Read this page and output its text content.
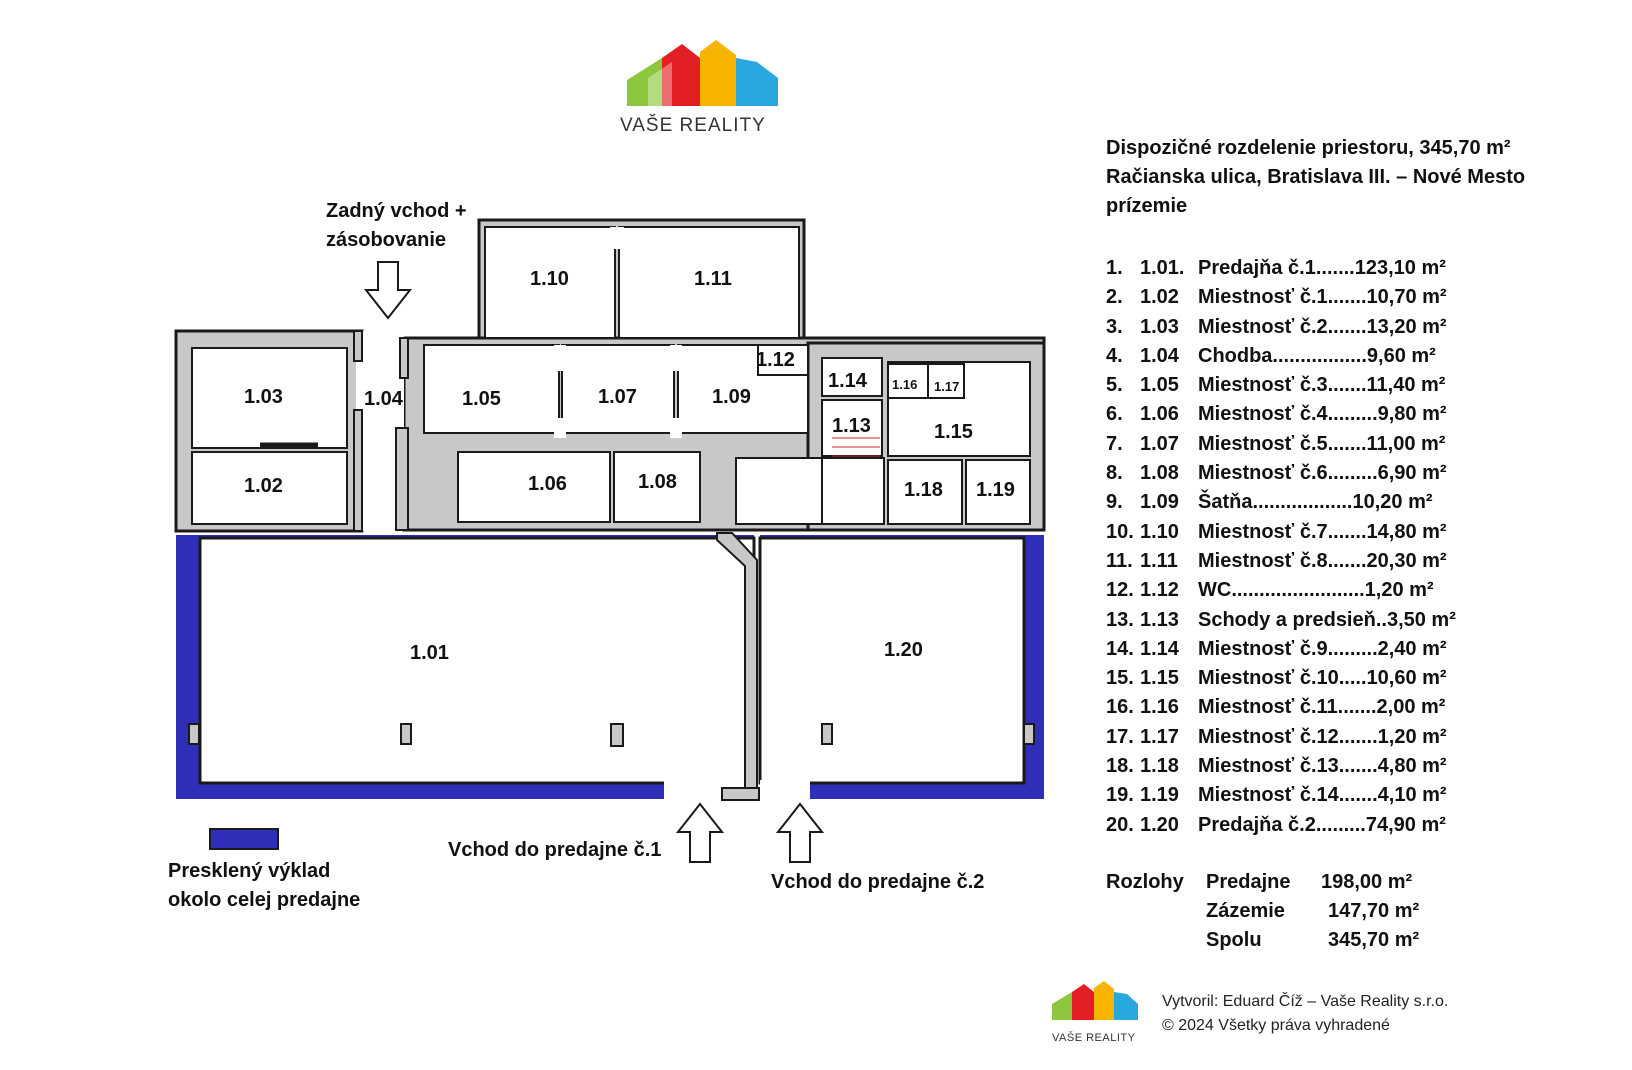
1.03
1.02
1.04	1.05	1.07	1.09
1.10	1.11
1.12
1.14
1.13	1.15
1.16 1.17
1.06	1.08	1.18 1.19
1.01	1.20
VAŠE REALITY
VAŠE REALITY
Zadný vchod +
zásobovanie
Vchod do predajne č.1
Vchod do predajne č.2
Presklený výklad
okolo celej predajne
Dispozičné rozdelenie priestoru, 345,70 m²
Račianska ulica, Bratislava III. – Nové Mesto
prízemie
1. 1.01. Predajňa č.1.......123,10 m²
2. 1.02 Miestnosť č.1.......10,70 m²
3. 1.03 Miestnosť č.2.......13,20 m²
4. 1.04 Chodba.................9,60 m²
5. 1.05 Miestnosť č.3.......11,40 m²
6. 1.06 Miestnosť č.4.........9,80 m²
7. 1.07 Miestnosť č.5.......11,00 m²
8. 1.08 Miestnosť č.6.........6,90 m²
9. 1.09 Šatňa..................10,20 m²
10. 1.10 Miestnosť č.7.......14,80 m²
11. 1.11 Miestnosť č.8.......20,30 m²
12. 1.12 WC........................1,20 m²
13. 1.13 Schody a predsieň..3,50 m²
14. 1.14 Miestnosť č.9.........2,40 m²
15. 1.15 Miestnosť č.10.....10,60 m²
16. 1.16 Miestnosť č.11.......2,00 m²
17. 1.17 Miestnosť č.12.......1,20 m²
18. 1.18 Miestnosť č.13.......4,80 m²
19. 1.19 Miestnosť č.14.......4,10 m²
20. 1.20 Predajňa č.2.........74,90 m²
Rozlohy Predajne 198,00 m²
Zázemie 147,70 m²
Spolu	345,70 m²
Vytvoril: Eduard Číž – Vaše Reality s.r.o.
© 2024 Všetky práva vyhradené
